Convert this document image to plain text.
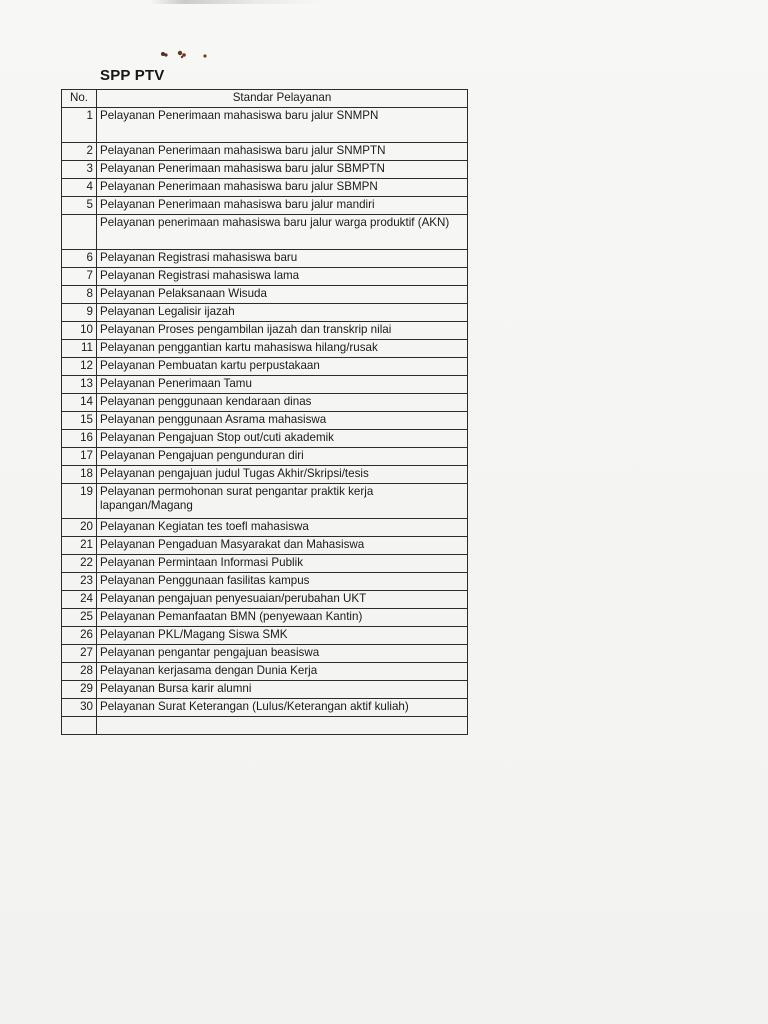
SPP PTV
No.	Standar Pelayanan
1	Pelayanan Penerimaan mahasiswa baru jalur SNMPN
2	Pelayanan Penerimaan mahasiswa baru jalur SNMPTN
3	Pelayanan Penerimaan mahasiswa baru jalur SBMPTN
4	Pelayanan Penerimaan mahasiswa baru jalur SBMPN
5	Pelayanan Penerimaan mahasiswa baru jalur mandiri
	Pelayanan penerimaan mahasiswa baru jalur warga produktif (AKN)
6	Pelayanan Registrasi mahasiswa baru
7	Pelayanan Registrasi mahasiswa lama
8	Pelayanan Pelaksanaan Wisuda
9	Pelayanan Legalisir ijazah
10	Pelayanan Proses pengambilan ijazah dan transkrip nilai
11	Pelayanan penggantian kartu mahasiswa hilang/rusak
12	Pelayanan Pembuatan kartu perpustakaan
13	Pelayanan Penerimaan Tamu
14	Pelayanan penggunaan kendaraan dinas
15	Pelayanan penggunaan Asrama mahasiswa
16	Pelayanan Pengajuan Stop out/cuti akademik
17	Pelayanan Pengajuan pengunduran diri
18	Pelayanan pengajuan judul Tugas Akhir/Skripsi/tesis
19	Pelayanan permohonan surat pengantar praktik kerja lapangan/Magang
20	Pelayanan Kegiatan tes toefl mahasiswa
21	Pelayanan Pengaduan Masyarakat dan Mahasiswa
22	Pelayanan Permintaan Informasi Publik
23	Pelayanan Penggunaan fasilitas kampus
24	Pelayanan pengajuan penyesuaian/perubahan UKT
25	Pelayanan Pemanfaatan BMN (penyewaan Kantin)
26	Pelayanan PKL/Magang Siswa SMK
27	Pelayanan pengantar pengajuan beasiswa
28	Pelayanan kerjasama dengan Dunia Kerja
29	Pelayanan Bursa karir alumni
30	Pelayanan Surat Keterangan (Lulus/Keterangan aktif kuliah)
